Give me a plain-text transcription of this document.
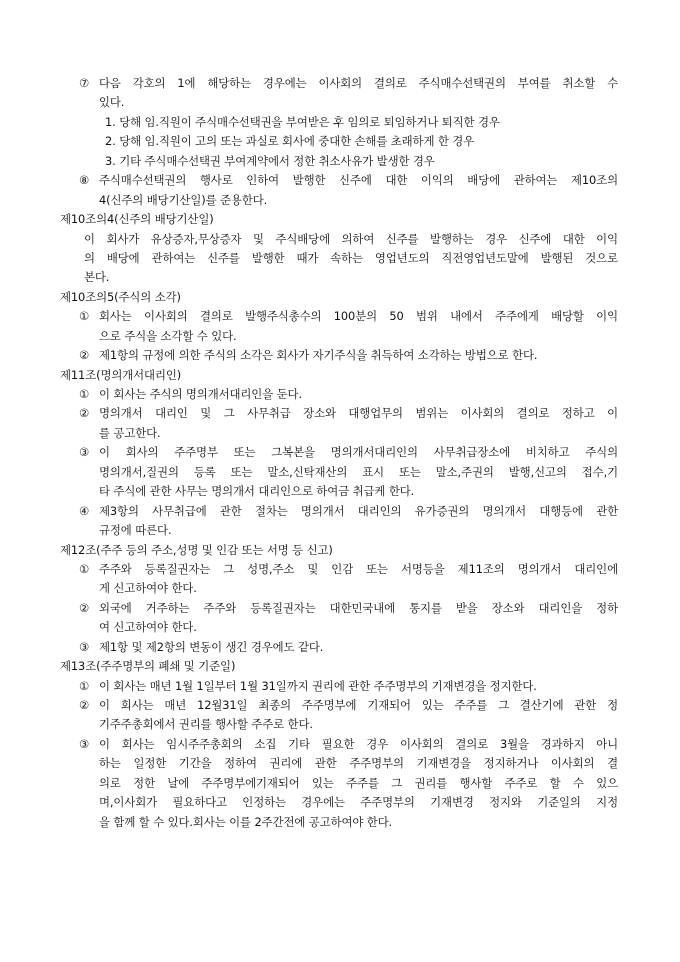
⑦ 다음 각호의 1에 해당하는 경우에는 이사회의 결의로 주식매수선택권의 부여를 취소할 수
있다.
1. 당해 임.직원이 주식매수선택권을 부여받은 후 임의로 퇴임하거나 퇴직한 경우
2. 당해 임.직원이 고의 또는 과실로 회사에 중대한 손해를 초래하게 한 경우
3. 기타 주식매수선택권 부여계약에서 정한 취소사유가 발생한 경우
⑧ 주식매수선택권의 행사로 인하여 발행한 신주에 대한 이익의 배당에 관하여는 제10조의
4(신주의 배당기산일)를 준용한다.
제10조의4(신주의 배당기산일)
이 회사가 유상증자,무상증자 및 주식배당에 의하여 신주를 발행하는 경우 신주에 대한 이익
의 배당에 관하여는 신주를 발행한 때가 속하는 영업년도의 직전영업년도말에 발행된 것으로
본다.
제10조의5(주식의 소각)
① 회사는 이사회의 결의로 발행주식총수의 100분의 50 범위 내에서 주주에게 배당할 이익
으로 주식을 소각할 수 있다.
② 제1항의 규정에 의한 주식의 소각은 회사가 자기주식을 취득하여 소각하는 방법으로 한다.
제11조(명의개서대리인)
① 이 회사는 주식의 명의개서대리인을 둔다.
② 명의개서 대리인 및 그 사무취급 장소와 대행업무의 범위는 이사회의 결의로 정하고 이
를 공고한다.
③ 이 회사의 주주명부 또는 그복본을 명의개서대리인의 사무취급장소에 비치하고 주식의
명의개서,질권의 등록 또는 말소,신탁재산의 표시 또는 말소,주권의 발행,신고의 접수,기
타 주식에 관한 사무는 명의개서 대리인으로 하여금 취급케 한다.
④ 제3항의 사무취급에 관한 절차는 명의개서 대리인의 유가증권의 명의개서 대행등에 관한
규정에 따른다.
제12조(주주 등의 주소,성명 및 인감 또는 서명 등 신고)
① 주주와 등록질권자는 그 성명,주소 및 인감 또는 서명등을 제11조의 명의개서 대리인에
게 신고하여야 한다.
② 외국에 거주하는 주주와 등록질권자는 대한민국내에 통지를 받을 장소와 대리인을 정하
여 신고하여야 한다.
③ 제1항 및 제2항의 변동이 생긴 경우에도 같다.
제13조(주주명부의 폐쇄 및 기준일)
① 이 회사는 매년 1월 1일부터 1월 31일까지 권리에 관한 주주명부의 기재변경을 정지한다.
② 이 회사는 매년 12월31일 최종의 주주명부에 기재되어 있는 주주를 그 결산기에 관한 정
기주주총회에서 권리를 행사할 주주로 한다.
③ 이 회사는 임시주주총회의 소집 기타 필요한 경우 이사회의 결의로 3월을 경과하지 아니
하는 일정한 기간을 정하여 권리에 관한 주주명부의 기재변경을 정지하거나 이사회의 결
의로 정한 날에 주주명부에기재되어 있는 주주를 그 권리를 행사할 주주로 할 수 있으
며,이사회가 필요하다고 인정하는 경우에는 주주명부의 기재변경 정지와 기준일의 지정
을 함께 할 수 있다.회사는 이를 2주간전에 공고하여야 한다.
